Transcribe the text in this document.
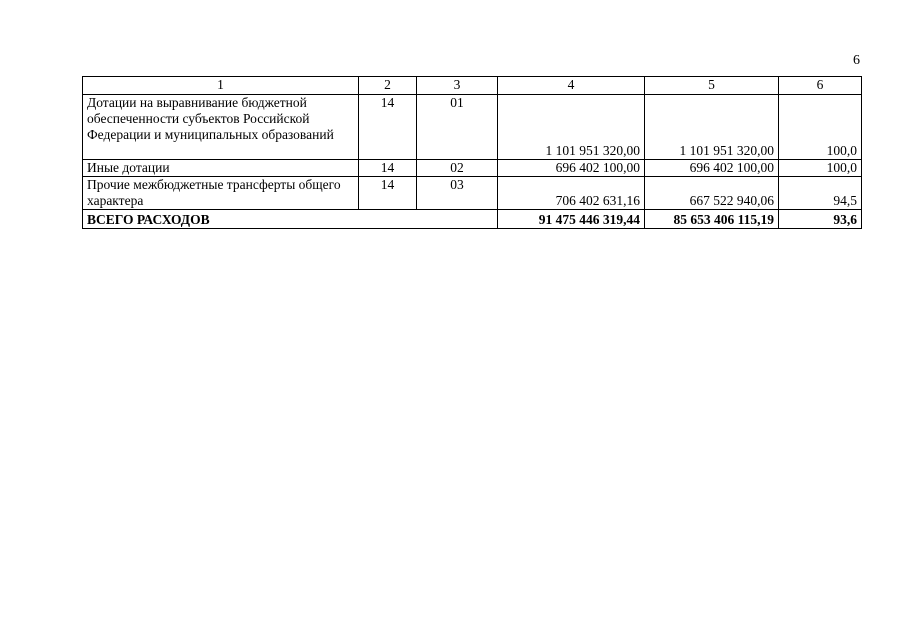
6
1	2	3	4	5	6
Дотации на выравнивание бюджетной обеспеченности субъектов Российской Федерации и муниципальных образований	14	01	1 101 951 320,00	1 101 951 320,00	100,0
Иные дотации	14	02	696 402 100,00	696 402 100,00	100,0
Прочие межбюджетные трансферты общего характера	14	03	706 402 631,16	667 522 940,06	94,5
ВСЕГО РАСХОДОВ			91 475 446 319,44	85 653 406 115,19	93,6
